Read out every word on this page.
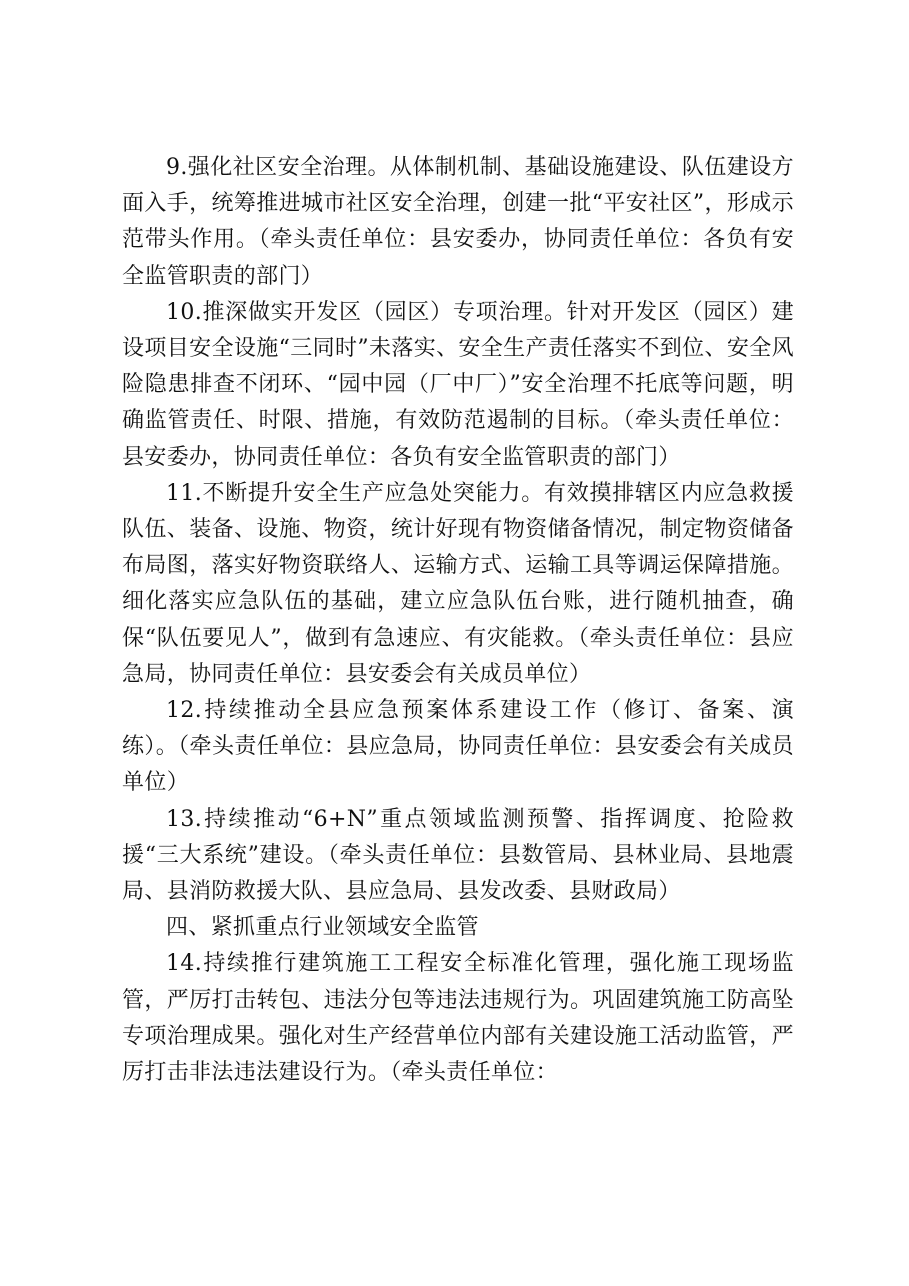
9.强化社区安全治理。从体制机制、基础设施建设、队伍建设方面入手，统筹推进城市社区安全治理，创建一批“平安社区”，形成示范带头作用。（牵头责任单位：县安委办，协同责任单位：各负有安全监管职责的部门）

10.推深做实开发区（园区）专项治理。针对开发区（园区）建设项目安全设施“三同时”未落实、安全生产责任落实不到位、安全风险隐患排查不闭环、“园中园（厂中厂）”安全治理不托底等问题，明确监管责任、时限、措施，有效防范遏制的目标。（牵头责任单位：县安委办，协同责任单位：各负有安全监管职责的部门）

11.不断提升安全生产应急处突能力。有效摸排辖区内应急救援队伍、装备、设施、物资，统计好现有物资储备情况，制定物资储备布局图，落实好物资联络人、运输方式、运输工具等调运保障措施。细化落实应急队伍的基础，建立应急队伍台账，进行随机抽查，确保“队伍要见人”，做到有急速应、有灾能救。（牵头责任单位：县应急局，协同责任单位：县安委会有关成员单位）

12.持续推动全县应急预案体系建设工作（修订、备案、演练）。（牵头责任单位：县应急局，协同责任单位：县安委会有关成员单位）

13.持续推动“6+N”重点领域监测预警、指挥调度、抢险救援“三大系统”建设。（牵头责任单位：县数管局、县林业局、县地震局、县消防救援大队、县应急局、县发改委、县财政局）

四、紧抓重点行业领域安全监管

14.持续推行建筑施工工程安全标准化管理，强化施工现场监管，严厉打击转包、违法分包等违法违规行为。巩固建筑施工防高坠专项治理成果。强化对生产经营单位内部有关建设施工活动监管，严厉打击非法违法建设行为。（牵头责任单位：
